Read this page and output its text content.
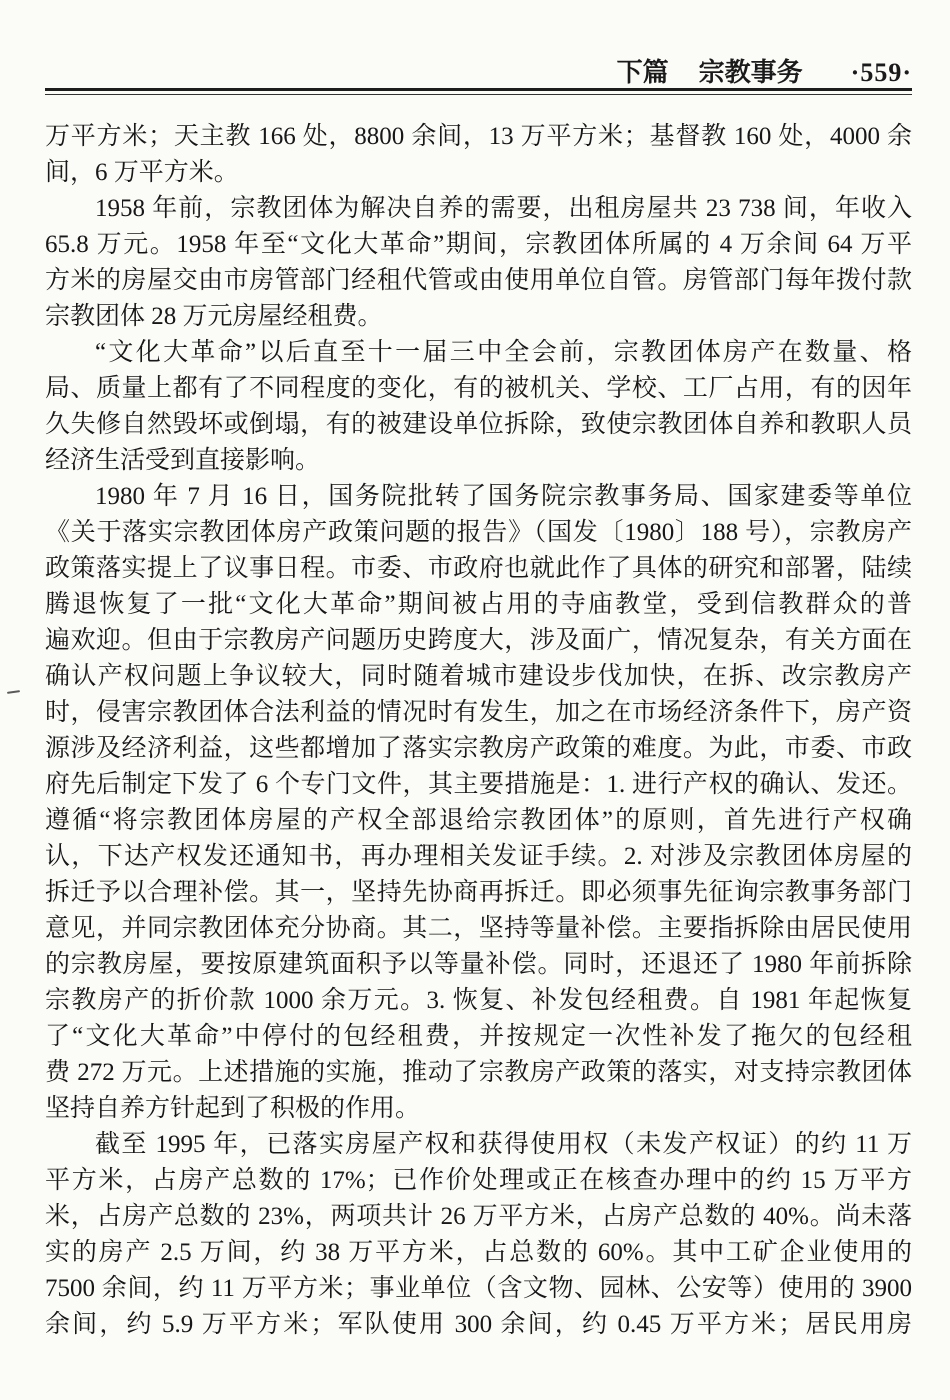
下篇 宗教事务 ·559·
万平方米；天主教 166 处，8800 余间，13 万平方米；基督教 160 处，4000 余
间，6 万平方米。
1958 年前，宗教团体为解决自养的需要，出租房屋共 23 738 间，年收入
65.8 万元。1958 年至“文化大革命”期间，宗教团体所属的 4 万余间 64 万平
方米的房屋交由市房管部门经租代管或由使用单位自管。房管部门每年拨付款
宗教团体 28 万元房屋经租费。
“文化大革命”以后直至十一届三中全会前，宗教团体房产在数量、格
局、质量上都有了不同程度的变化，有的被机关、学校、工厂占用，有的因年
久失修自然毁坏或倒塌，有的被建设单位拆除，致使宗教团体自养和教职人员
经济生活受到直接影响。
1980 年 7 月 16 日，国务院批转了国务院宗教事务局、国家建委等单位
《关于落实宗教团体房产政策问题的报告》（国发〔1980〕188 号），宗教房产
政策落实提上了议事日程。市委、市政府也就此作了具体的研究和部署，陆续
腾退恢复了一批“文化大革命”期间被占用的寺庙教堂，受到信教群众的普
遍欢迎。但由于宗教房产问题历史跨度大，涉及面广，情况复杂，有关方面在
确认产权问题上争议较大，同时随着城市建设步伐加快，在拆、改宗教房产
时，侵害宗教团体合法利益的情况时有发生，加之在市场经济条件下，房产资
源涉及经济利益，这些都增加了落实宗教房产政策的难度。为此，市委、市政
府先后制定下发了 6 个专门文件，其主要措施是：1. 进行产权的确认、发还。
遵循“将宗教团体房屋的产权全部退给宗教团体”的原则，首先进行产权确
认，下达产权发还通知书，再办理相关发证手续。2. 对涉及宗教团体房屋的
拆迁予以合理补偿。其一，坚持先协商再拆迁。即必须事先征询宗教事务部门
意见，并同宗教团体充分协商。其二，坚持等量补偿。主要指拆除由居民使用
的宗教房屋，要按原建筑面积予以等量补偿。同时，还退还了 1980 年前拆除
宗教房产的折价款 1000 余万元。3. 恢复、补发包经租费。自 1981 年起恢复
了“文化大革命”中停付的包经租费，并按规定一次性补发了拖欠的包经租
费 272 万元。上述措施的实施，推动了宗教房产政策的落实，对支持宗教团体
坚持自养方针起到了积极的作用。
截至 1995 年，已落实房屋产权和获得使用权（未发产权证）的约 11 万
平方米，占房产总数的 17%；已作价处理或正在核查办理中的约 15 万平方
米，占房产总数的 23%，两项共计 26 万平方米，占房产总数的 40%。尚未落
实的房产 2.5 万间，约 38 万平方米，占总数的 60%。其中工矿企业使用的
7500 余间，约 11 万平方米；事业单位（含文物、园林、公安等）使用的 3900
余间，约 5.9 万平方米；军队使用 300 余间，约 0.45 万平方米；居民用房
